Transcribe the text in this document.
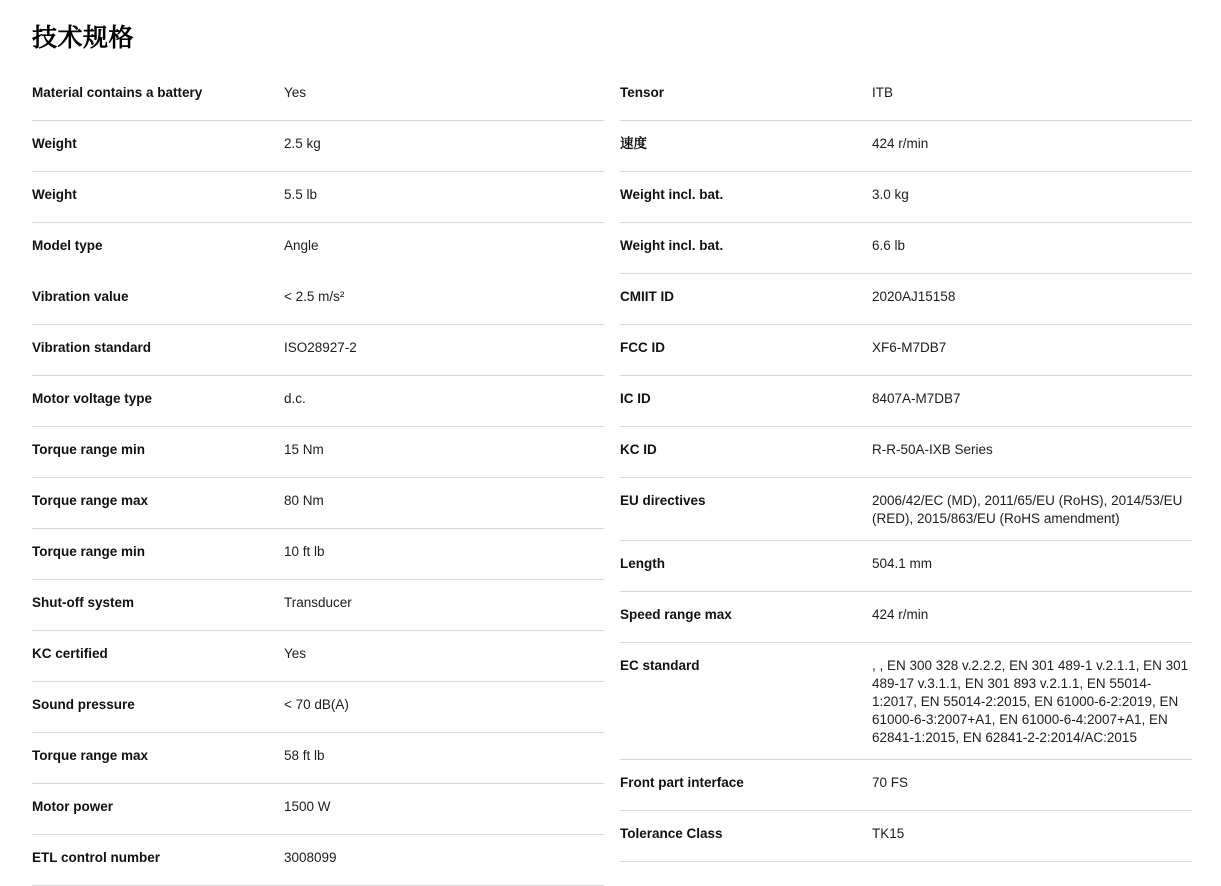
技术规格
Material contains a battery	Yes
Weight	2.5 kg
Weight	5.5 lb
Model type	Angle
Vibration value	< 2.5 m/s²
Vibration standard	ISO28927-2
Motor voltage type	d.c.
Torque range min	15 Nm
Torque range max	80 Nm
Torque range min	10 ft lb
Shut-off system	Transducer
KC certified	Yes
Sound pressure	< 70 dB(A)
Torque range max	58 ft lb
Motor power	1500 W
ETL control number	3008099
Tensor	ITB
速度	424 r/min
Weight incl. bat.	3.0 kg
Weight incl. bat.	6.6 lb
CMIIT ID	2020AJ15158
FCC ID	XF6-M7DB7
IC ID	8407A-M7DB7
KC ID	R-R-50A-IXB Series
EU directives	2006/42/EC (MD), 2011/65/EU (RoHS), 2014/53/EU (RED), 2015/863/EU (RoHS amendment)
Length	504.1 mm
Speed range max	424 r/min
EC standard	, , EN 300 328 v.2.2.2, EN 301 489-1 v.2.1.1, EN 301 489-17 v.3.1.1, EN 301 893 v.2.1.1, EN 55014-1:2017, EN 55014-2:2015, EN 61000-6-2:2019, EN 61000-6-3:2007+A1, EN 61000-6-4:2007+A1, EN 62841-1:2015, EN 62841-2-2:2014/AC:2015
Front part interface	70 FS
Tolerance Class	TK15
